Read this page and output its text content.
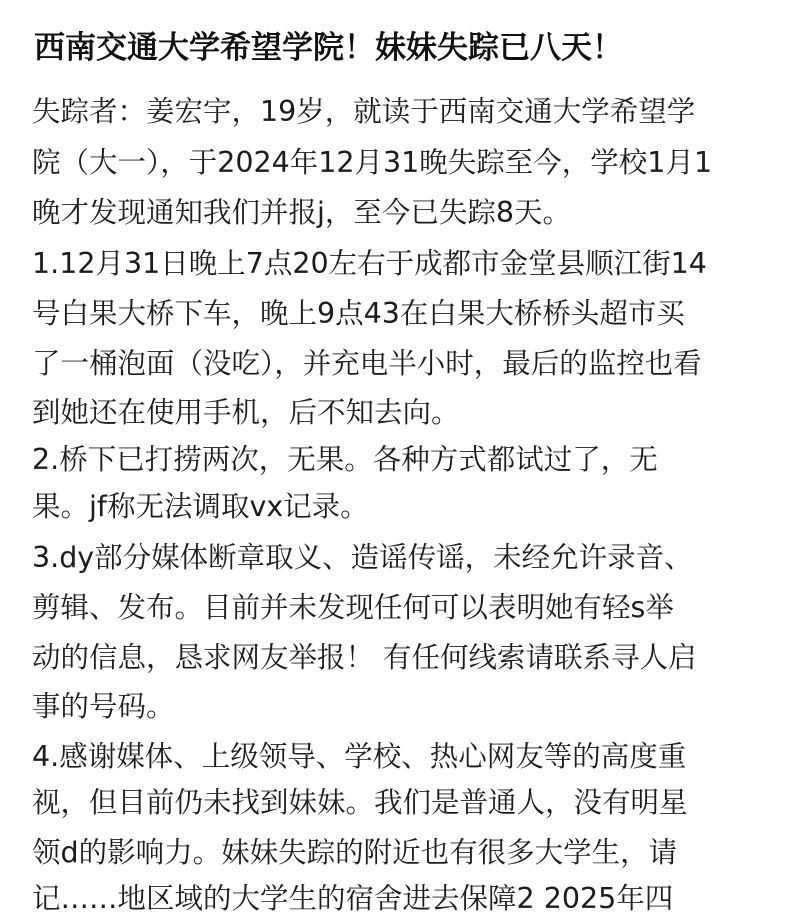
西南交通大学希望学院！妹妹失踪已八天！
失踪者：姜宏宇，19岁，就读于西南交通大学希望学
院（大一），于2024年12月31晚失踪至今，学校1月1
晚才发现通知我们并报j，至今已失踪8天。
1.12月31日晚上7点20左右于成都市金堂县顺江街14
号白果大桥下车，晚上9点43在白果大桥桥头超市买
了一桶泡面（没吃），并充电半小时，最后的监控也看
到她还在使用手机，后不知去向。
2.桥下已打捞两次，无果。各种方式都试过了，无
果。jf称无法调取vx记录。
3.dy部分媒体断章取义、造谣传谣，未经允许录音、
剪辑、发布。目前并未发现任何可以表明她有轻s举
动的信息，恳求网友举报！ 有任何线索请联系寻人启
事的号码。
4.感谢媒体、上级领导、学校、热心网友等的高度重
视，但目前仍未找到妹妹。我们是普通人，没有明星
领d的影响力。妹妹失踪的附近也有很多大学生，请
记……地区域的大学生的宿舍进去保障2 2025年四
